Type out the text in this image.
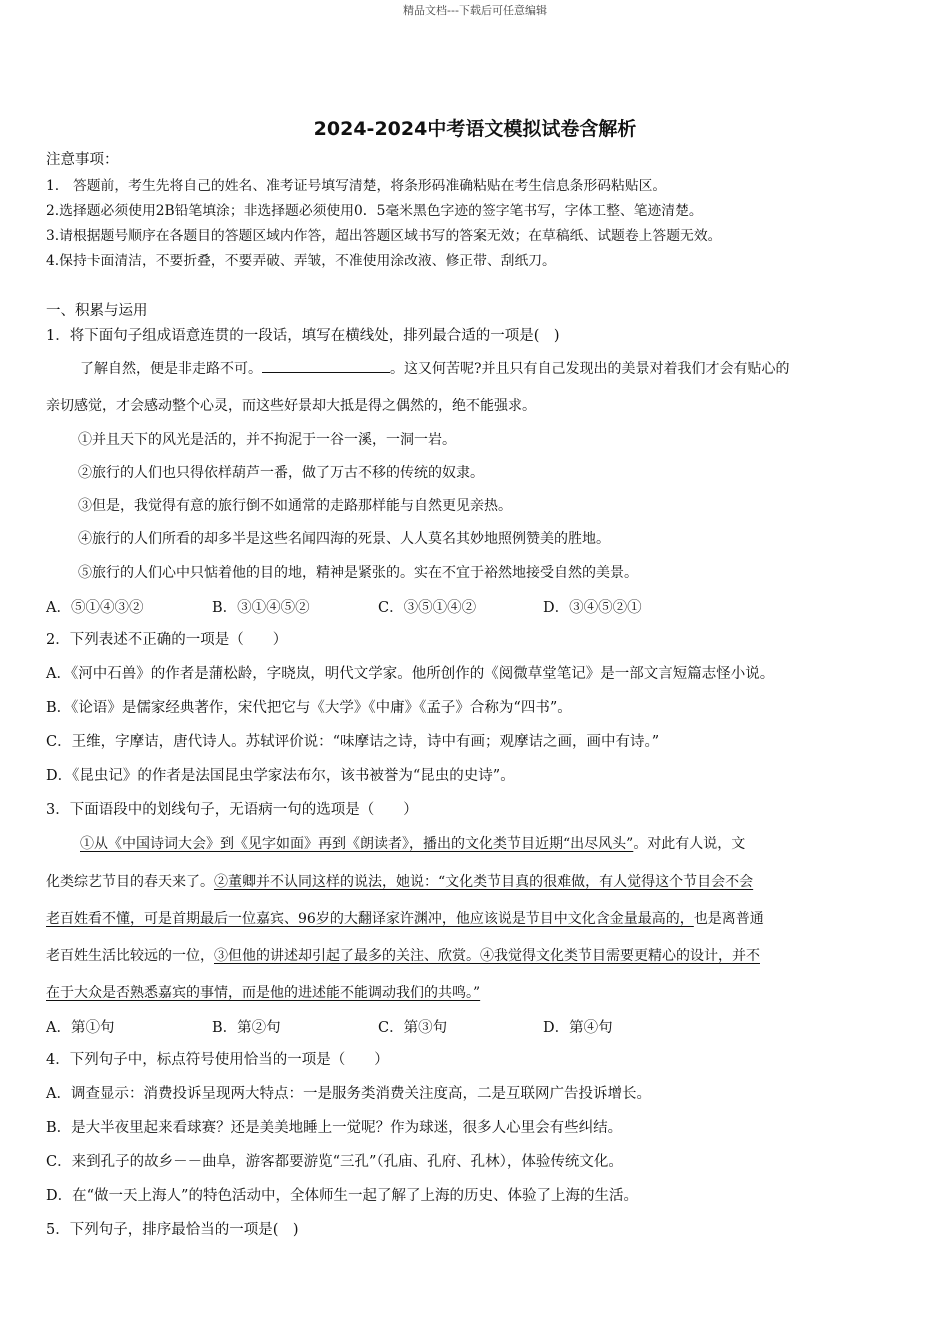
精品文档---下载后可任意编辑
2024-2024中考语文模拟试卷含解析
注意事项：
1.　答题前，考生先将自己的姓名、准考证号填写清楚，将条形码准确粘贴在考生信息条形码粘贴区。
2.选择题必须使用2B铅笔填涂；非选择题必须使用0．5毫米黑色字迹的签字笔书写，字体工整、笔迹清楚。
3.请根据题号顺序在各题目的答题区域内作答，超出答题区域书写的答案无效；在草稿纸、试题卷上答题无效。
4.保持卡面清洁，不要折叠，不要弄破、弄皱，不准使用涂改液、修正带、刮纸刀。
一、积累与运用
1．将下面句子组成语意连贯的一段话，填写在横线处，排列最合适的一项是(　)
了解自然，便是非走路不可。	。这又何苦呢?并且只有自己发现出的美景对着我们才会有贴心的
亲切感觉，才会感动整个心灵，而这些好景却大抵是得之偶然的，绝不能强求。
①并且天下的风光是活的，并不拘泥于一谷一溪，一洞一岩。
②旅行的人们也只得依样葫芦一番，做了万古不移的传统的奴隶。
③但是，我觉得有意的旅行倒不如通常的走路那样能与自然更见亲热。
④旅行的人们所看的却多半是这些名闻四海的死景、人人莫名其妙地照例赞美的胜地。
⑤旅行的人们心中只惦着他的目的地，精神是紧张的。实在不宜于裕然地接受自然的美景。
A．⑤①④③②	B．③①④⑤②	C．③⑤①④②	D．③④⑤②①
2．下列表述不正确的一项是（　　）
A．《河中石兽》的作者是蒲松龄，字晓岚，明代文学家。他所创作的《阅微草堂笔记》是一部文言短篇志怪小说。
B．《论语》是儒家经典著作，宋代把它与《大学》《中庸》《孟子》合称为“四书”。
C．王维，字摩诘，唐代诗人。苏轼评价说：“味摩诘之诗，诗中有画；观摩诘之画，画中有诗。”
D．《昆虫记》的作者是法国昆虫学家法布尔，该书被誉为“昆虫的史诗”。
3．下面语段中的划线句子，无语病一句的选项是（　　）
①从《中国诗词大会》到《见字如面》再到《朗读者》，播出的文化类节目近期“出尽风头”。对此有人说，文
化类综艺节目的春天来了。②董卿并不认同这样的说法，她说：“文化类节目真的很难做，有人觉得这个节目会不会
老百姓看不懂，可是首期最后一位嘉宾、96岁的大翻译家许渊冲，他应该说是节目中文化含金量最高的，也是离普通
老百姓生活比较远的一位，③但他的讲述却引起了最多的关注、欣赏。④我觉得文化类节目需要更精心的设计，并不
在于大众是否熟悉嘉宾的事情，而是他的进述能不能调动我们的共鸣。”
A．第①句	B．第②句	C．第③句	D．第④句
4．下列句子中，标点符号使用恰当的一项是（　　）
A．调查显示：消费投诉呈现两大特点：一是服务类消费关注度高，二是互联网广告投诉增长。
B．是大半夜里起来看球赛？还是美美地睡上一觉呢？作为球迷，很多人心里会有些纠结。
C．来到孔子的故乡－－曲阜，游客都要游览“三孔”（孔庙、孔府、孔林），体验传统文化。
D．在“做一天上海人”的特色活动中，全体师生一起了解了上海的历史、体验了上海的生活。
5．下列句子，排序最恰当的一项是(　)
